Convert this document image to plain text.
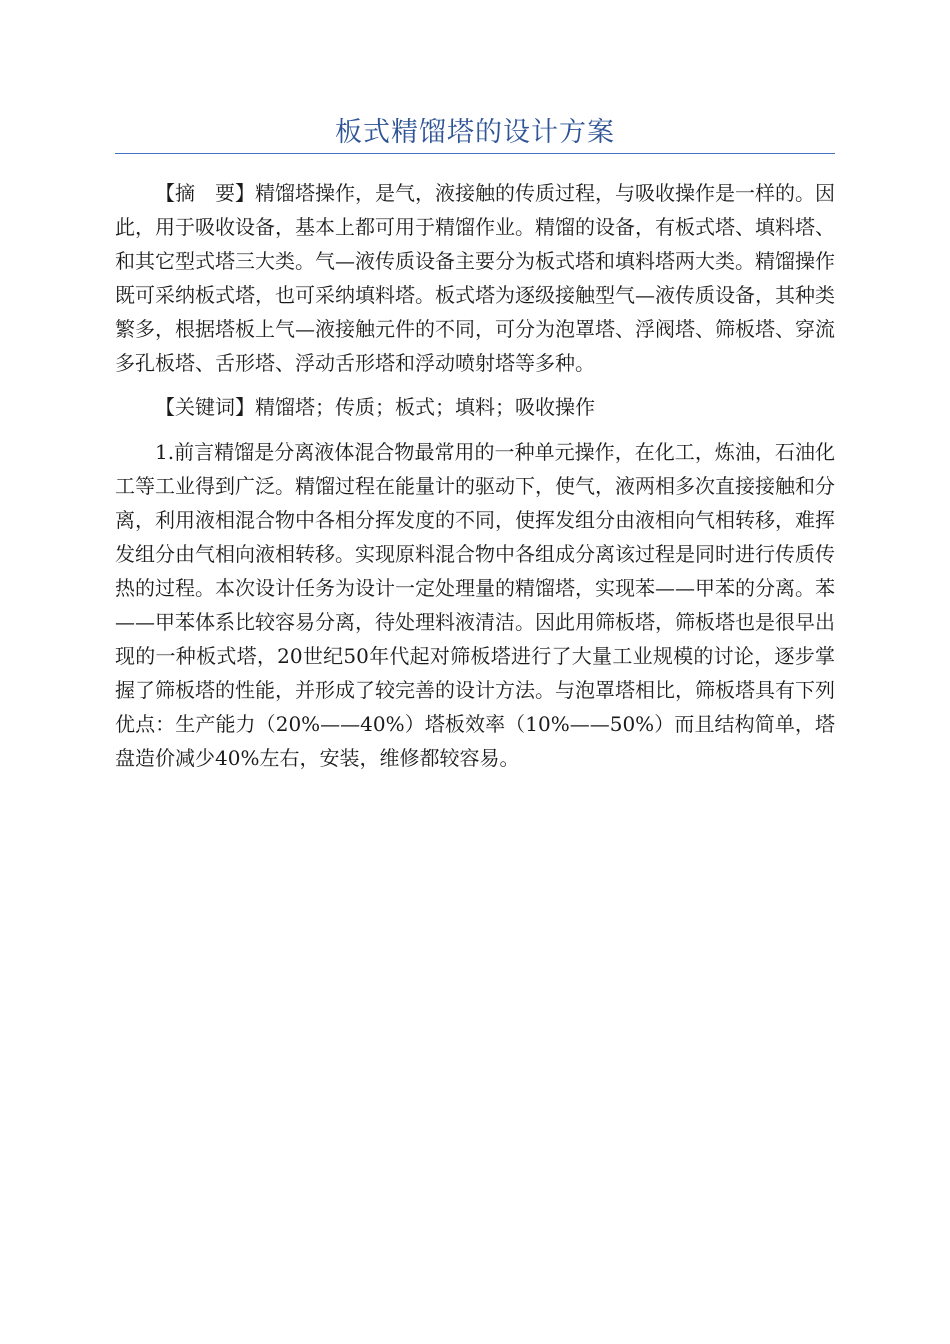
板式精馏塔的设计方案

【摘　要】精馏塔操作，是气，液接触的传质过程，与吸收操作是一样的。因此，用于吸收设备，基本上都可用于精馏作业。精馏的设备，有板式塔、填料塔、和其它型式塔三大类。气—液传质设备主要分为板式塔和填料塔两大类。精馏操作既可采纳板式塔，也可采纳填料塔。板式塔为逐级接触型气—液传质设备，其种类繁多，根据塔板上气—液接触元件的不同，可分为泡罩塔、浮阀塔、筛板塔、穿流多孔板塔、舌形塔、浮动舌形塔和浮动喷射塔等多种。

【关键词】精馏塔；传质；板式；填料；吸收操作

1.前言精馏是分离液体混合物最常用的一种单元操作，在化工，炼油，石油化工等工业得到广泛。精馏过程在能量计的驱动下，使气，液两相多次直接接触和分离，利用液相混合物中各相分挥发度的不同，使挥发组分由液相向气相转移，难挥发组分由气相向液相转移。实现原料混合物中各组成分离该过程是同时进行传质传热的过程。本次设计任务为设计一定处理量的精馏塔，实现苯——甲苯的分离。苯——甲苯体系比较容易分离，待处理料液清洁。因此用筛板塔，筛板塔也是很早出现的一种板式塔，20世纪50年代起对筛板塔进行了大量工业规模的讨论，逐步掌握了筛板塔的性能，并形成了较完善的设计方法。与泡罩塔相比，筛板塔具有下列优点：生产能力（20%——40%）塔板效率（10%——50%）而且结构简单，塔盘造价减少40%左右，安装，维修都较容易。
